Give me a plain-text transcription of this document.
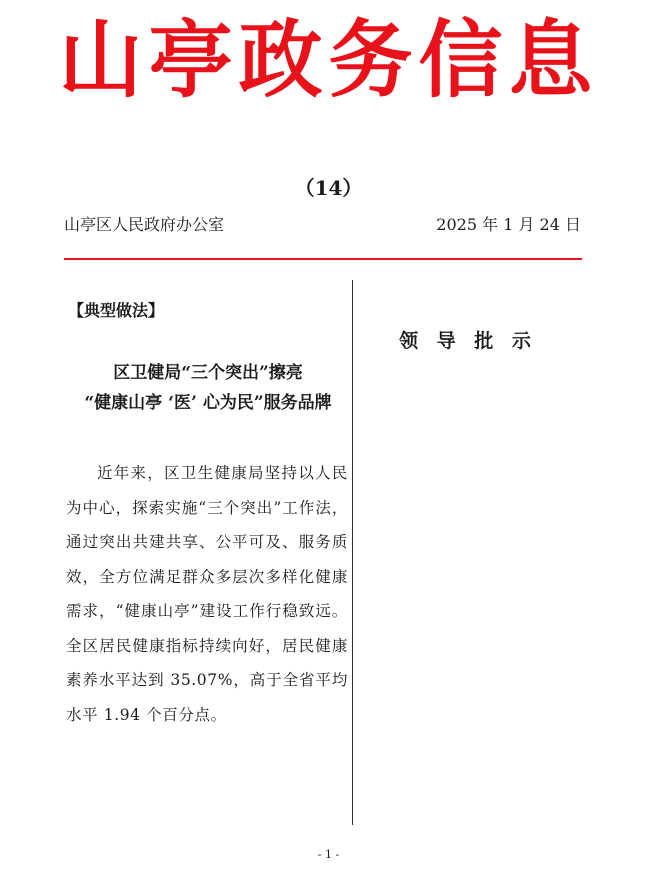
山亭政务信息
（14）
山亭区人民政府办公室	2025 年 1 月 24 日
【典型做法】
区卫健局“三个突出”擦亮
“健康山亭 ‘医’ 心为民”服务品牌
近年来，区卫生健康局坚持以人民为中心，探索实施“三个突出”工作法，通过突出共建共享、公平可及、服务质效，全方位满足群众多层次多样化健康需求，“健康山亭”建设工作行稳致远。全区居民健康指标持续向好，居民健康素养水平达到 35.07%，高于全省平均水平 1.94 个百分点。
领 导 批 示
- 1 -
